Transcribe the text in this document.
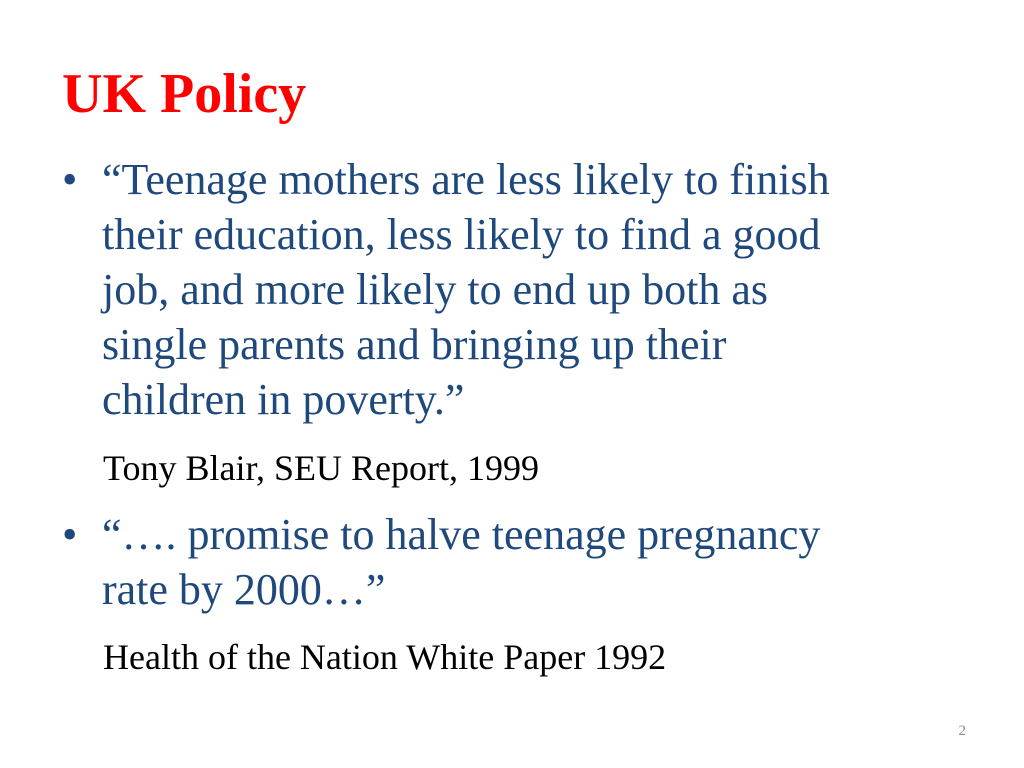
UK Policy
• “Teenage mothers are less likely to finish
their education, less likely to find a good
job, and more likely to end up both as
single parents and bringing up their
children in poverty.”
Tony Blair, SEU Report, 1999
• “…. promise to halve teenage pregnancy
rate by 2000…”
Health of the Nation White Paper 1992
2
